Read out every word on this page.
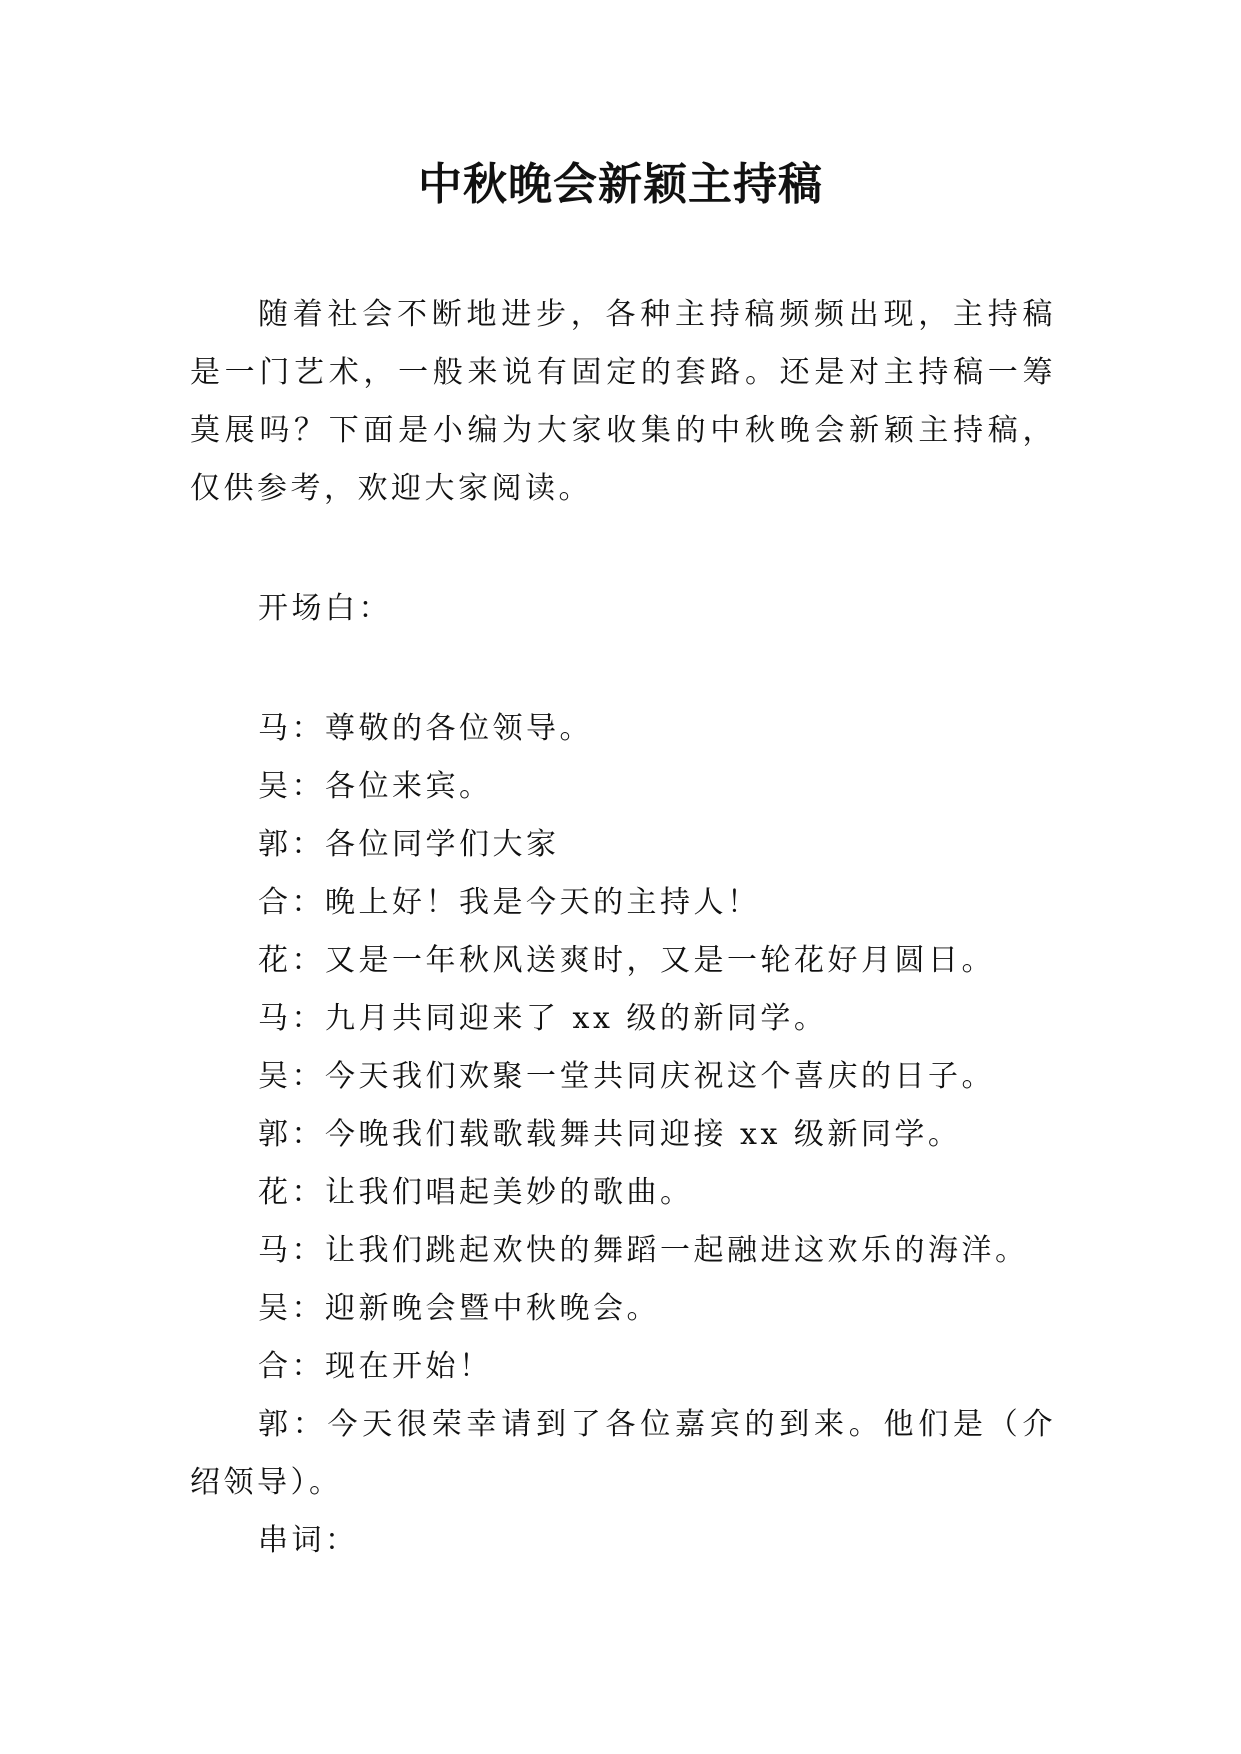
中秋晚会新颖主持稿
随着社会不断地进步，各种主持稿频频出现，主持稿是一门艺术，一般来说有固定的套路。还是对主持稿一筹莫展吗？下面是小编为大家收集的中秋晚会新颖主持稿，仅供参考，欢迎大家阅读。
开场白：
马：尊敬的各位领导。
吴：各位来宾。
郭：各位同学们大家
合：晚上好！我是今天的主持人！
花：又是一年秋风送爽时，又是一轮花好月圆日。
马：九月共同迎来了 xx 级的新同学。
吴：今天我们欢聚一堂共同庆祝这个喜庆的日子。
郭：今晚我们载歌载舞共同迎接 xx 级新同学。
花：让我们唱起美妙的歌曲。
马：让我们跳起欢快的舞蹈一起融进这欢乐的海洋。
吴：迎新晚会暨中秋晚会。
合：现在开始！
郭：今天很荣幸请到了各位嘉宾的到来。他们是（介绍领导）。
串词：
